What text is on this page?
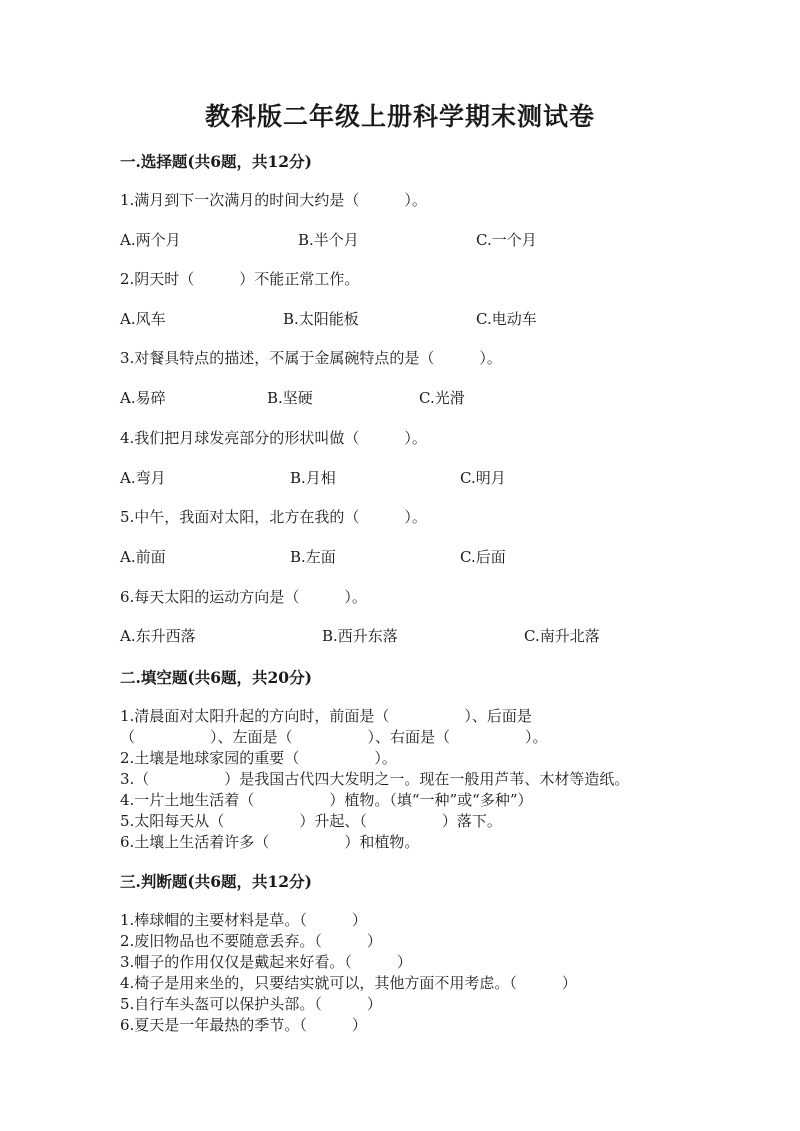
教科版二年级上册科学期末测试卷
一.选择题(共6题，共12分)
1.满月到下一次满月的时间大约是（　　　）。
A.两个月	B.半个月	C.一个月
2.阴天时（　　　）不能正常工作。
A.风车	B.太阳能板	C.电动车
3.对餐具特点的描述，不属于金属碗特点的是（　　　）。
A.易碎	B.坚硬	C.光滑
4.我们把月球发亮部分的形状叫做（　　　）。
A.弯月	B.月相	C.明月
5.中午，我面对太阳，北方在我的（　　　）。
A.前面	B.左面	C.后面
6.每天太阳的运动方向是（　　　）。
A.东升西落	B.西升东落	C.南升北落
二.填空题(共6题，共20分)
1.清晨面对太阳升起的方向时，前面是（　　　　　）、后面是
（　　　　　）、左面是（　　　　　）、右面是（　　　　　）。
2.土壤是地球家园的重要（　　　　　）。
3.（　　　　　）是我国古代四大发明之一。现在一般用芦苇、木材等造纸。
4.一片土地生活着（　　　　　）植物。（填“一种”或“多种”）
5.太阳每天从（　　　　　）升起、（　　　　　）落下。
6.土壤上生活着许多（　　　　　）和植物。
三.判断题(共6题，共12分)
1.棒球帽的主要材料是草。（　　　）
2.废旧物品也不要随意丢弃。（　　　）
3.帽子的作用仅仅是戴起来好看。（　　　）
4.椅子是用来坐的，只要结实就可以，其他方面不用考虑。（　　　）
5.自行车头盔可以保护头部。（　　　）
6.夏天是一年最热的季节。（　　　）
